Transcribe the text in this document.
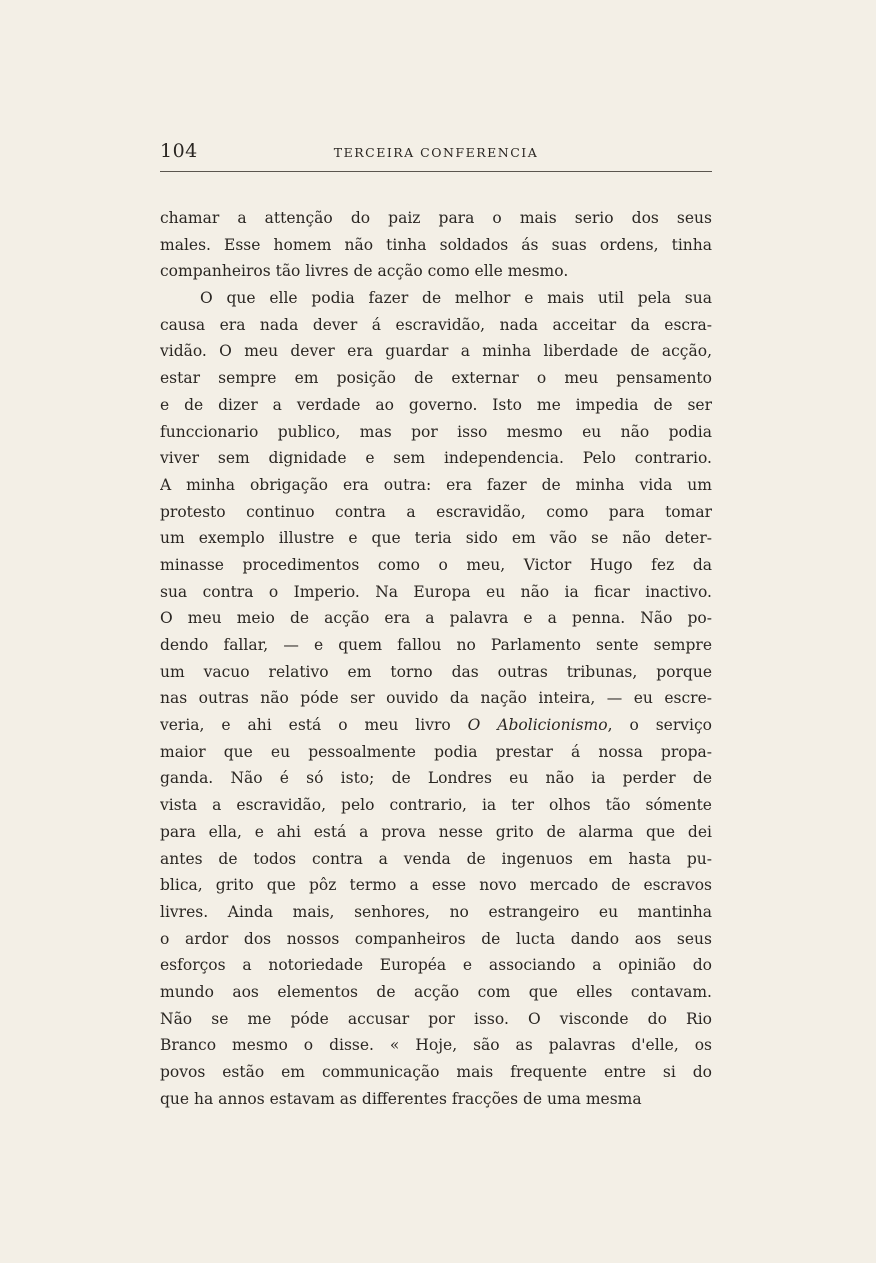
104	TERCEIRA CONFERENCIA
chamar a attenção do paiz para o mais serio dos seus
males. Esse homem não tinha soldados ás suas ordens, tinha
companheiros tão livres de acção como elle mesmo.
O que elle podia fazer de melhor e mais util pela sua
causa era nada dever á escravidão, nada acceitar da escra-
vidão. O meu dever era guardar a minha liberdade de acção,
estar sempre em posição de externar o meu pensamento
e de dizer a verdade ao governo. Isto me impedia de ser
funccionario publico, mas por isso mesmo eu não podia
viver sem dignidade e sem independencia. Pelo contrario.
A minha obrigação era outra: era fazer de minha vida um
protesto continuo contra a escravidão, como para tomar
um exemplo illustre e que teria sido em vão se não deter-
minasse procedimentos como o meu, Victor Hugo fez da
sua contra o Imperio. Na Europa eu não ia ficar inactivo.
O meu meio de acção era a palavra e a penna. Não po-
dendo fallar, — e quem fallou no Parlamento sente sempre
um vacuo relativo em torno das outras tribunas, porque
nas outras não póde ser ouvido da nação inteira, — eu escre-
veria, e ahi está o meu livro O Abolicionismo, o serviço
maior que eu pessoalmente podia prestar á nossa propa-
ganda. Não é só isto; de Londres eu não ia perder de
vista a escravidão, pelo contrario, ia ter olhos tão sómente
para ella, e ahi está a prova nesse grito de alarma que dei
antes de todos contra a venda de ingenuos em hasta pu-
blica, grito que pôz termo a esse novo mercado de escravos
livres. Ainda mais, senhores, no estrangeiro eu mantinha
o ardor dos nossos companheiros de lucta dando aos seus
esforços a notoriedade Européa e associando a opinião do
mundo aos elementos de acção com que elles contavam.
Não se me póde accusar por isso. O visconde do Rio
Branco mesmo o disse. « Hoje, são as palavras d'elle, os
povos estão em communicação mais frequente entre si do
que ha annos estavam as differentes fracções de uma mesma
